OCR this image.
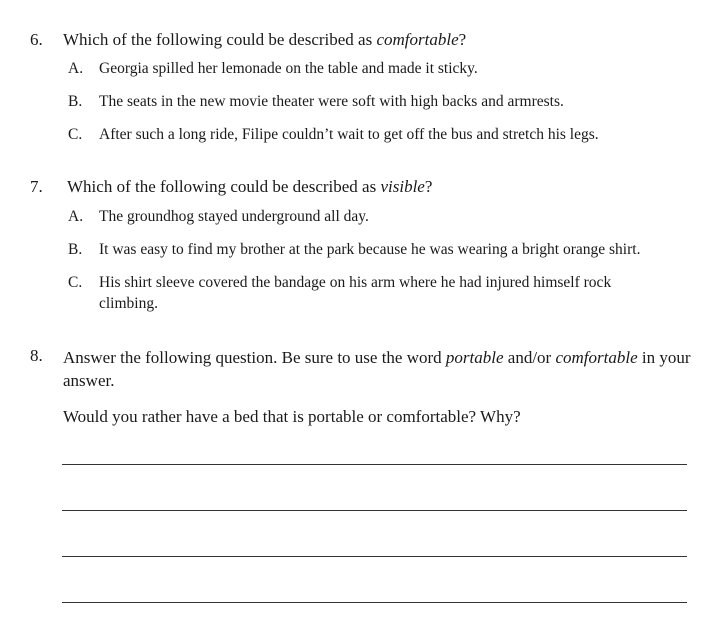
6. Which of the following could be described as comfortable?
A. Georgia spilled her lemonade on the table and made it sticky.
B. The seats in the new movie theater were soft with high backs and armrests.
C. After such a long ride, Filipe couldn’t wait to get off the bus and stretch his legs.
7. Which of the following could be described as visible?
A. The groundhog stayed underground all day.
B. It was easy to find my brother at the park because he was wearing a bright orange shirt.
C. His shirt sleeve covered the bandage on his arm where he had injured himself rock climbing.
8. Answer the following question. Be sure to use the word portable and/or comfortable in your answer.
Would you rather have a bed that is portable or comfortable? Why?
